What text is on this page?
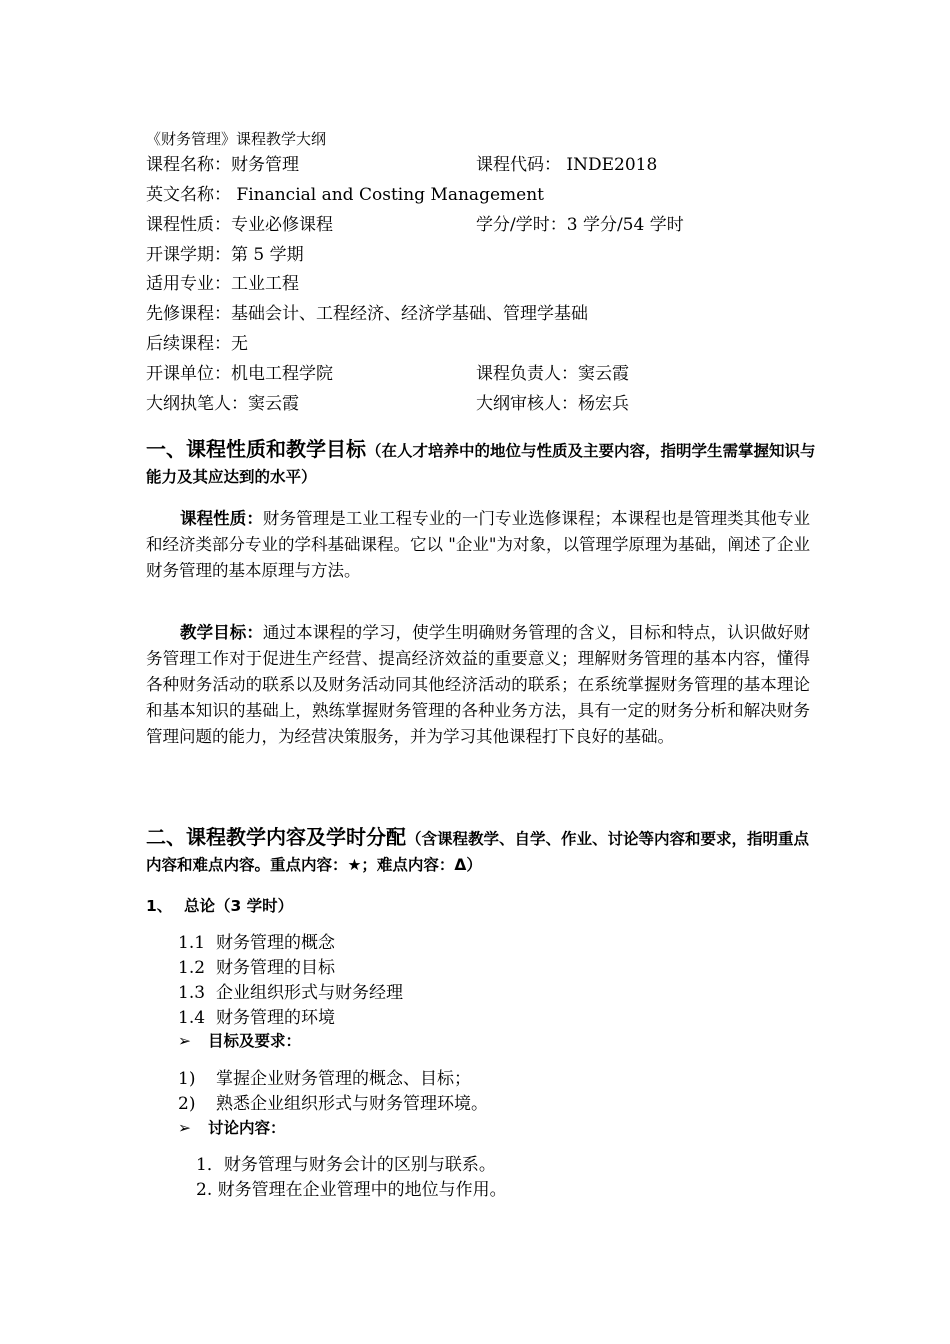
《财务管理》课程教学大纲
课程名称：财务管理	课程代码： INDE2018
英文名称： Financial and Costing Management
课程性质：专业必修课程	学分/学时：3 学分/54 学时
开课学期：第 5 学期
适用专业：工业工程
先修课程：基础会计、工程经济、经济学基础、管理学基础
后续课程：无
开课单位：机电工程学院	课程负责人：窦云霞
大纲执笔人：窦云霞	大纲审核人：杨宏兵
一、课程性质和教学目标（在人才培养中的地位与性质及主要内容，指明学生需掌握知识与能力及其应达到的水平）
课程性质：财务管理是工业工程专业的一门专业选修课程；本课程也是管理类其他专业和经济类部分专业的学科基础课程。它以 "企业"为对象，以管理学原理为基础，阐述了企业财务管理的基本原理与方法。
教学目标：通过本课程的学习，使学生明确财务管理的含义，目标和特点，认识做好财务管理工作对于促进生产经营、提高经济效益的重要意义；理解财务管理的基本内容，懂得各种财务活动的联系以及财务活动同其他经济活动的联系；在系统掌握财务管理的基本理论和基本知识的基础上，熟练掌握财务管理的各种业务方法，具有一定的财务分析和解决财务管理问题的能力，为经营决策服务，并为学习其他课程打下良好的基础。
二、课程教学内容及学时分配（含课程教学、自学、作业、讨论等内容和要求，指明重点内容和难点内容。重点内容：★；难点内容：Δ）
1、 总论（3 学时）
1.1 财务管理的概念
1.2 财务管理的目标
1.3 企业组织形式与财务经理
1.4 财务管理的环境
➢ 目标及要求：
1) 掌握企业财务管理的概念、目标；
2) 熟悉企业组织形式与财务管理环境。
➢ 讨论内容：
1．财务管理与财务会计的区别与联系。
2. 财务管理在企业管理中的地位与作用。
